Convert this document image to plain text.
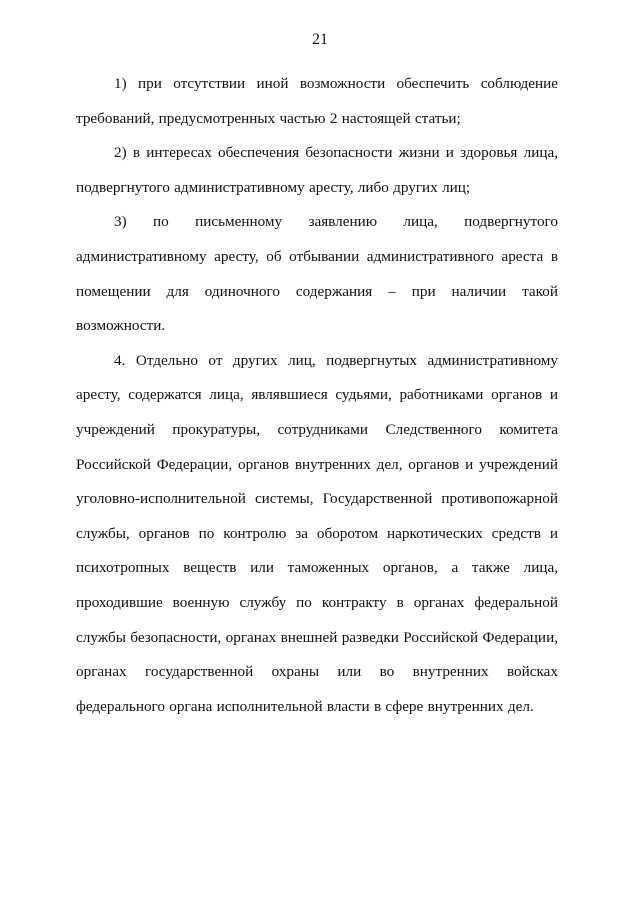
21

1) при отсутствии иной возможности обеспечить соблюдение требований, предусмотренных частью 2 настоящей статьи;

2) в интересах обеспечения безопасности жизни и здоровья лица, подвергнутого административному аресту, либо других лиц;

3) по письменному заявлению лица, подвергнутого административному аресту, об отбывании административного ареста в помещении для одиночного содержания – при наличии такой возможности.

4. Отдельно от других лиц, подвергнутых административному аресту, содержатся лица, являвшиеся судьями, работниками органов и учреждений прокуратуры, сотрудниками Следственного комитета Российской Федерации, органов внутренних дел, органов и учреждений уголовно-исполнительной системы, Государственной противопожарной службы, органов по контролю за оборотом наркотических средств и психотропных веществ или таможенных органов, а также лица, проходившие военную службу по контракту в органах федеральной службы безопасности, органах внешней разведки Российской Федерации, органах государственной охраны или во внутренних войсках федерального органа исполнительной власти в сфере внутренних дел.
